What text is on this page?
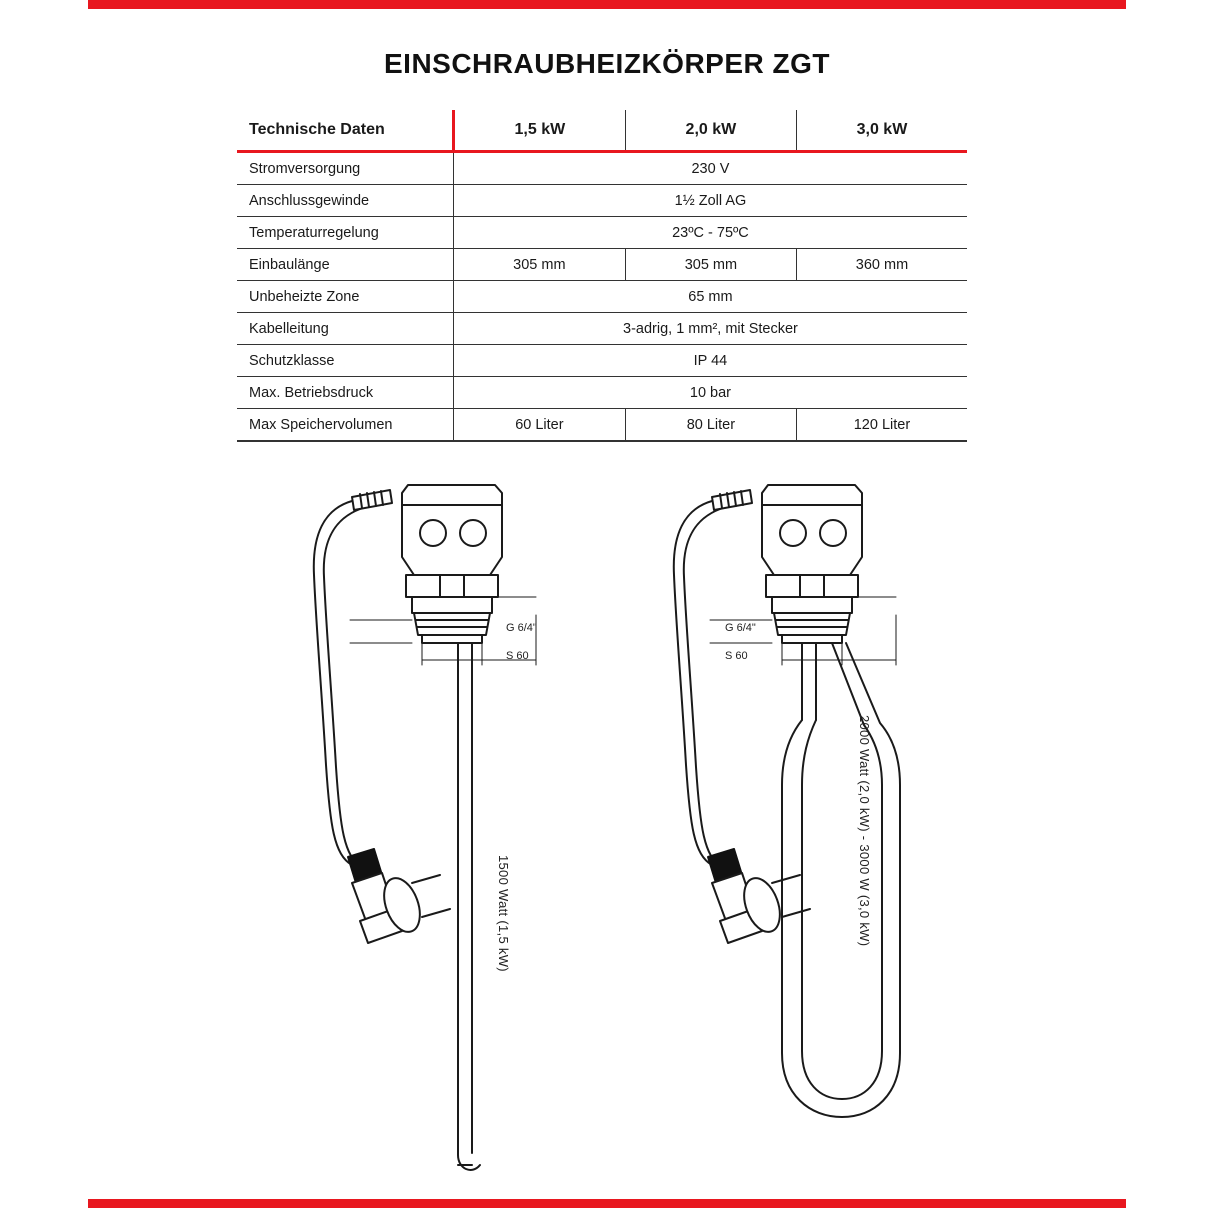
EINSCHRAUBHEIZKÖRPER ZGT
Technische Daten	1,5 kW	2,0 kW	3,0 kW
Stromversorgung	230 V		
Anschlussgewinde	1½ Zoll AG		
Temperaturregelung	23ºC - 75ºC		
Einbaulänge	305 mm	305 mm	360 mm
Unbeheizte Zone	65 mm		
Kabelleitung	3-adrig, 1 mm², mit Stecker		
Schutzklasse	IP 44		
Max. Betriebsdruck	10 bar		
Max Speichervolumen	60 Liter	80 Liter	120 Liter
G 6/4"
S 60
1500 Watt (1,5 kW)
G 6/4"
S 60
2000 Watt (2,0 kW) - 3000 W (3,0 kW)
